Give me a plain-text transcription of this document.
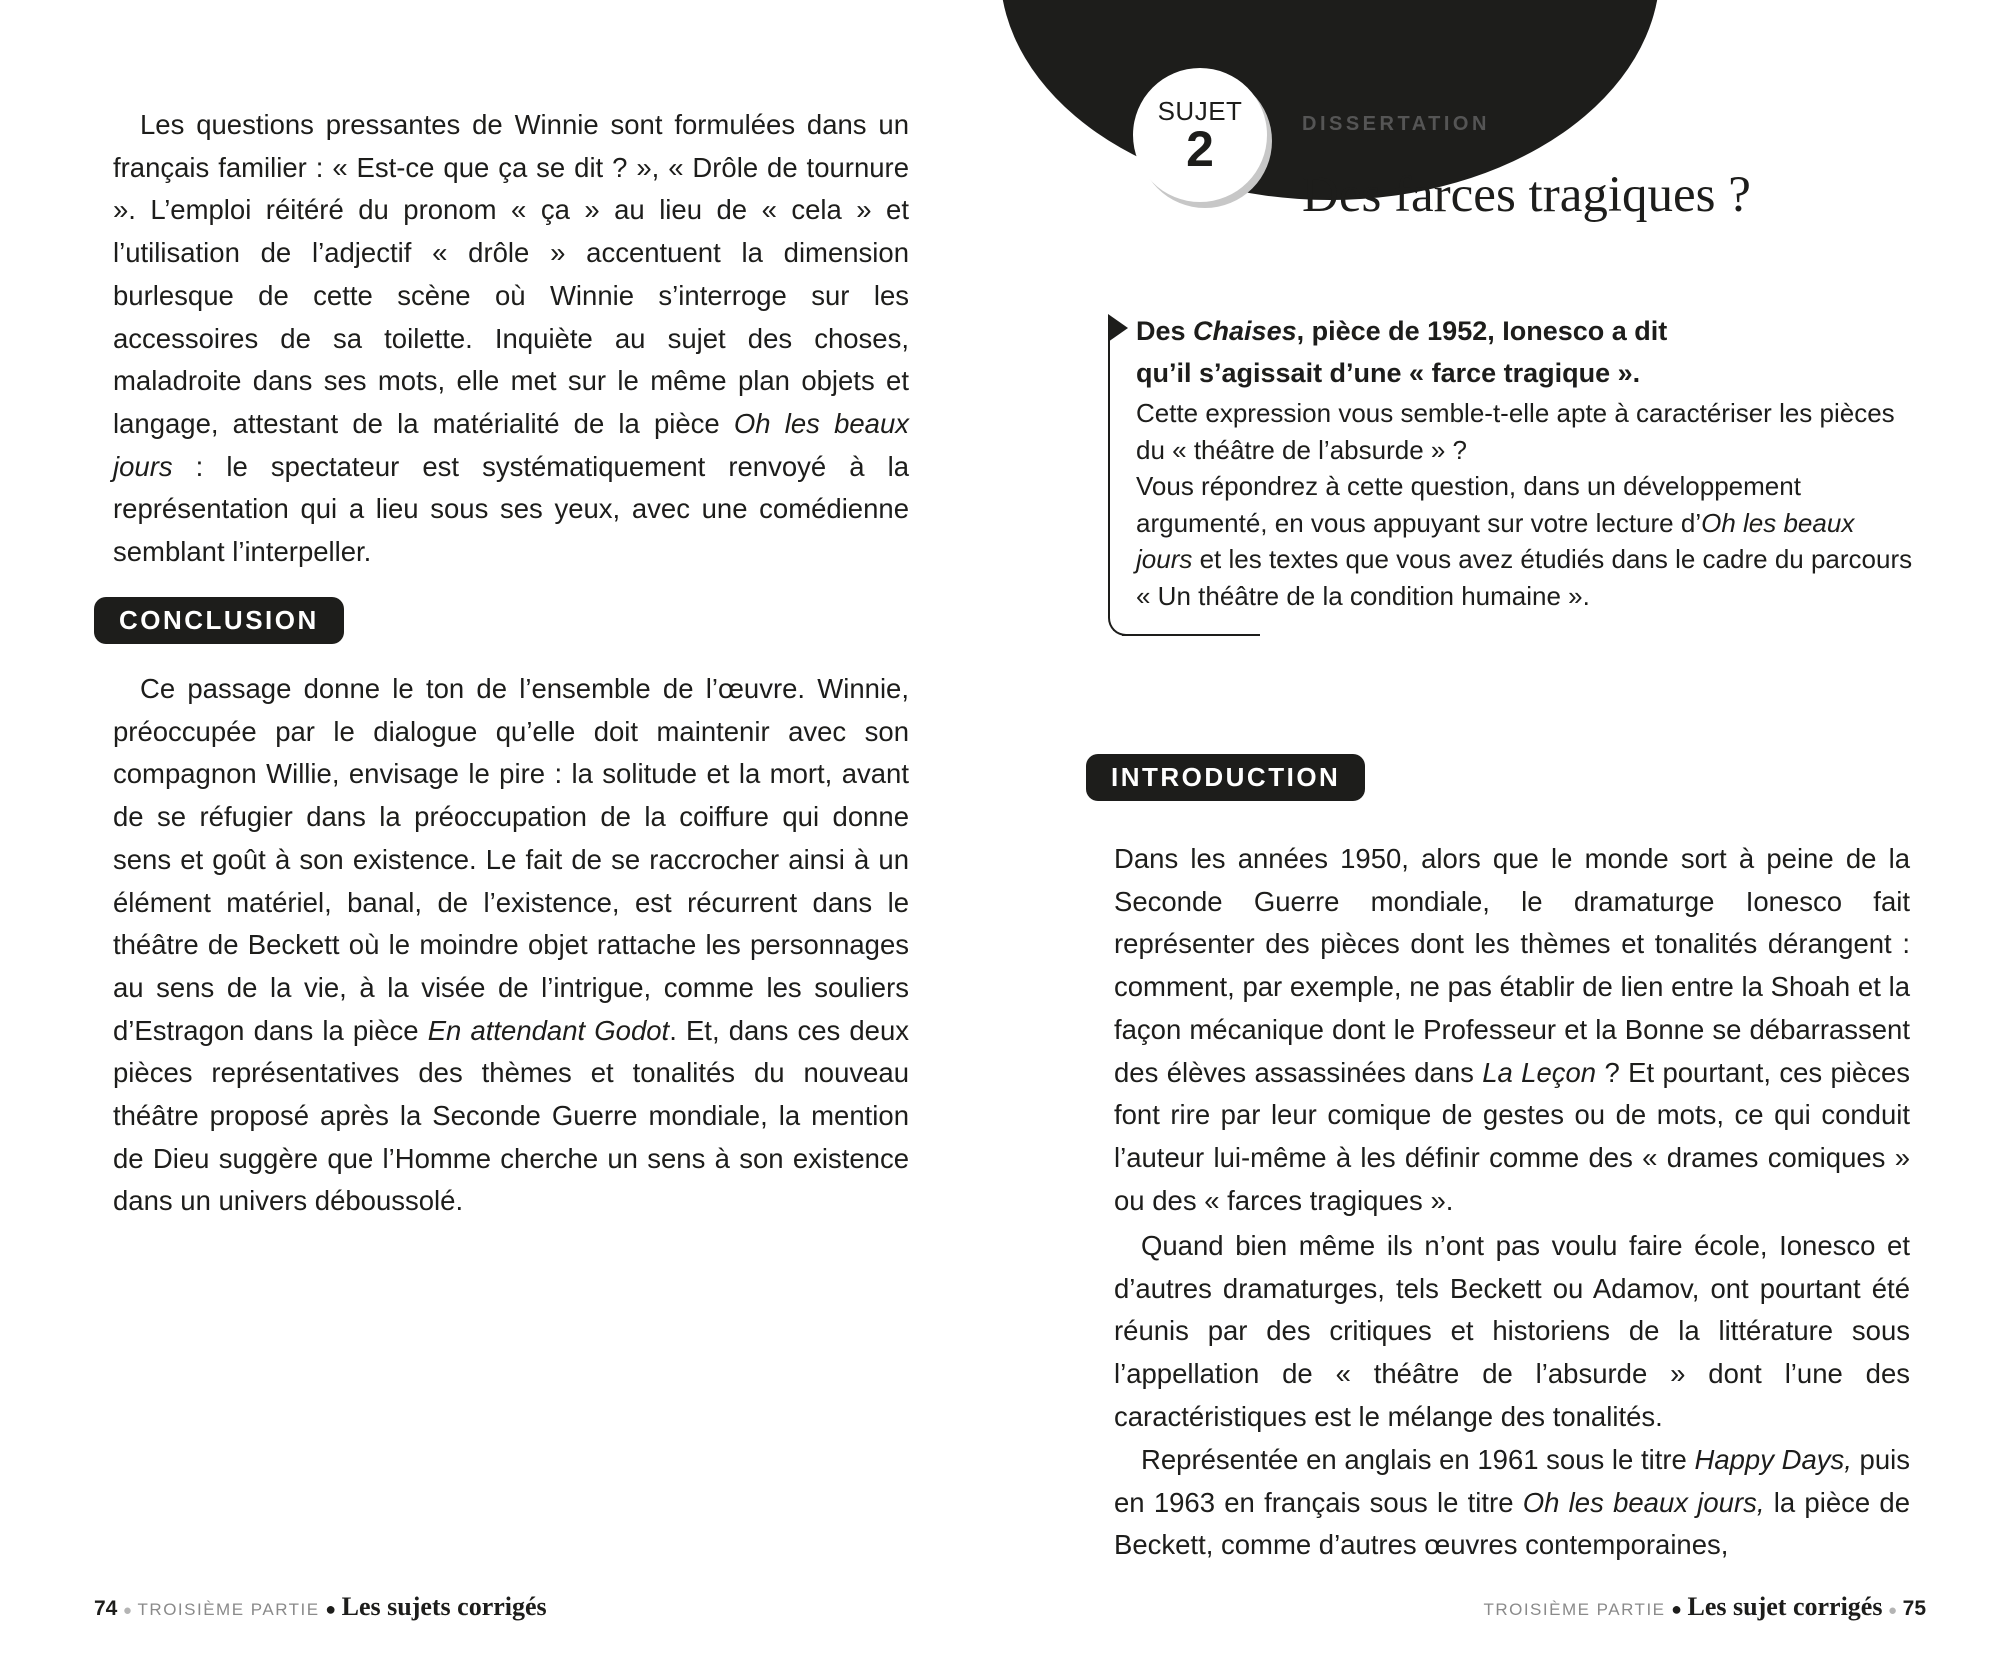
Les questions pressantes de Winnie sont formulées dans un français familier : « Est-ce que ça se dit ? », « Drôle de tournure ». L’emploi réitéré du pronom « ça » au lieu de « cela » et l’utilisation de l’adjectif « drôle » accentuent la dimension burlesque de cette scène où Winnie s’interroge sur les accessoires de sa toilette. Inquiète au sujet des choses, maladroite dans ses mots, elle met sur le même plan objets et langage, attestant de la matérialité de la pièce Oh les beaux jours : le spectateur est systématiquement renvoyé à la représentation qui a lieu sous ses yeux, avec une comédienne semblant l’interpeller.

CONCLUSION

Ce passage donne le ton de l’ensemble de l’œuvre. Winnie, préoccupée par le dialogue qu’elle doit maintenir avec son compagnon Willie, envisage le pire : la solitude et la mort, avant de se réfugier dans la préoccupation de la coiffure qui donne sens et goût à son existence. Le fait de se raccrocher ainsi à un élément matériel, banal, de l’existence, est récurrent dans le théâtre de Beckett où le moindre objet rattache les personnages au sens de la vie, à la visée de l’intrigue, comme les souliers d’Estragon dans la pièce En attendant Godot. Et, dans ces deux pièces représentatives des thèmes et tonalités du nouveau théâtre proposé après la Seconde Guerre mondiale, la mention de Dieu suggère que l’Homme cherche un sens à son existence dans un univers déboussolé.

74 ● TROISIÈME PARTIE ● Les sujets corrigés
SUJET
2	DISSERTATION
Des farces tragiques ?

Des Chaises, pièce de 1952, Ionesco a dit

qu’il s’agissait d’une « farce tragique ».

Cette expression vous semble-t-elle apte à caractériser les pièces du « théâtre de l’absurde » ?
Vous répondrez à cette question, dans un développement argumenté, en vous appuyant sur votre lecture d’Oh les beaux jours et les textes que vous avez étudiés dans le cadre du parcours « Un théâtre de la condition humaine ».

INTRODUCTION

Dans les années 1950, alors que le monde sort à peine de la Seconde Guerre mondiale, le dramaturge Ionesco fait représenter des pièces dont les thèmes et tonalités dérangent : comment, par exemple, ne pas établir de lien entre la Shoah et la façon mécanique dont le Professeur et la Bonne se débarrassent des élèves assassinées dans La Leçon ? Et pourtant, ces pièces font rire par leur comique de gestes ou de mots, ce qui conduit l’auteur lui-même à les définir comme des « drames comiques » ou des « farces tragiques ».

Quand bien même ils n’ont pas voulu faire école, Ionesco et d’autres dramaturges, tels Beckett ou Adamov, ont pourtant été réunis par des critiques et historiens de la littérature sous l’appellation de « théâtre de l’absurde » dont l’une des caractéristiques est le mélange des tonalités.

Représentée en anglais en 1961 sous le titre Happy Days, puis en 1963 en français sous le titre Oh les beaux jours, la pièce de Beckett, comme d’autres œuvres contemporaines,

TROISIÈME PARTIE ● Les sujet corrigés ● 75
